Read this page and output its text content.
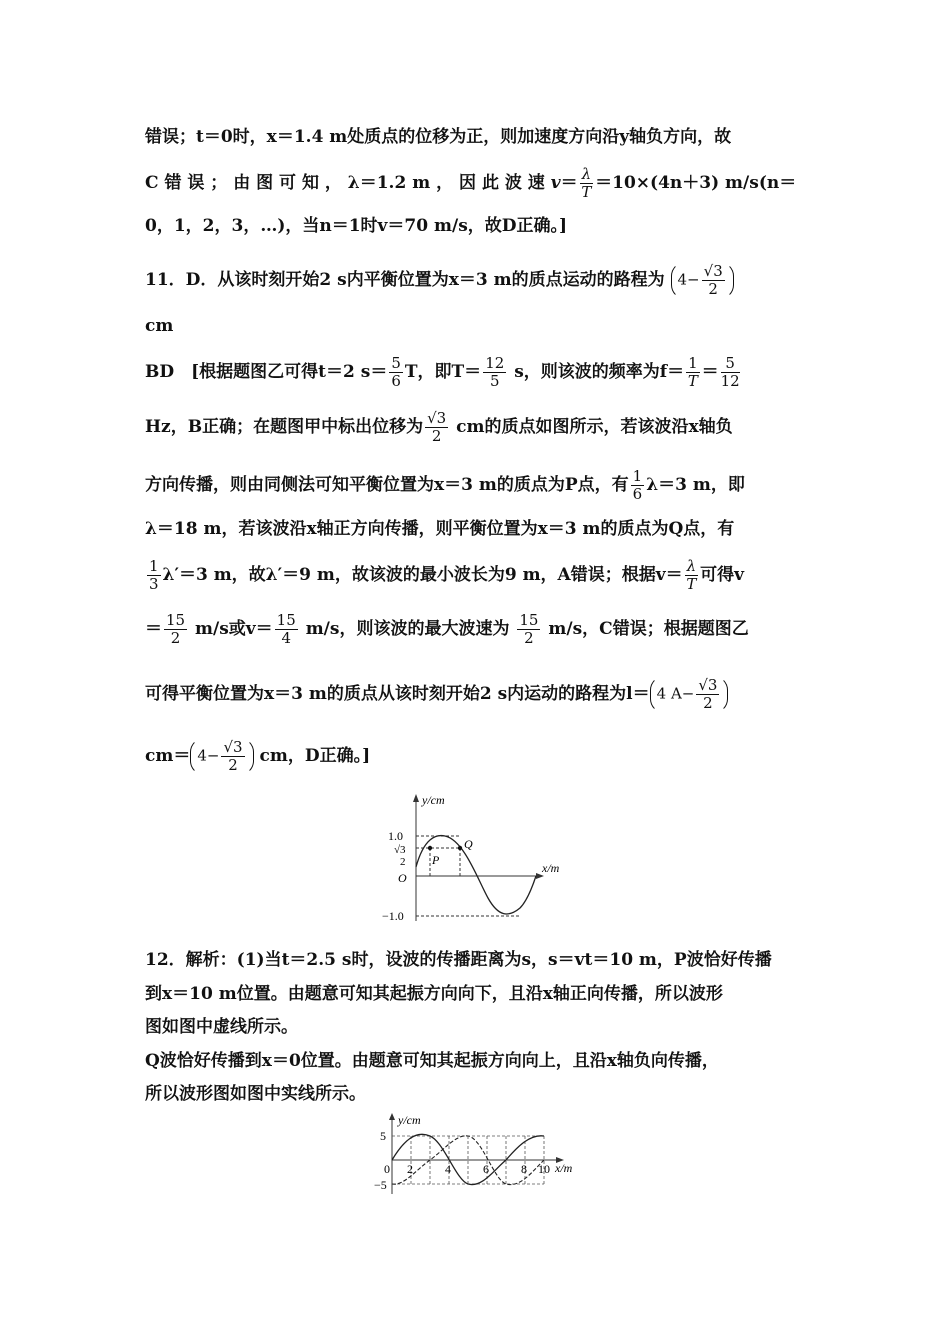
错误；t＝0时，x＝1.4 m处质点的位移为正，则加速度方向沿y轴负方向，故
C 错 误 ； 由 图 可 知 ， λ＝1.2 m ， 因 此 波 速 $v= \frac{\lambda}{T} =10\times(4n+3)$ m/s(n＝
0，1，2，3，…)，当n＝1时v＝70 m/s，故D正确。]
11．D．从该时刻开始2 s内平衡位置为x＝3 m的质点运动的路程为 $4- \frac{√3}{2}$
cm
BD　[根据题图乙可得t＝2 $s= \frac{5}{6}$ T，即$T= \frac{12}{5}$ s，则该波的频率为$f= \frac{1}{T} = \frac{5}{12}$
Hz，B正确；在题图甲中标出位移为 $\frac{√3}{2}$ cm的质点如图所示，若该波沿x轴负
方向传播，则由同侧法可知平衡位置为x＝3 m的质点为P点，有 $\frac{1}{6} \lambda=3$ m，即
λ＝18 m，若该波沿x轴正方向传播，则平衡位置为x＝3 m的质点为Q点，有
$\frac{1}{3} \lambda'=3$ m，故λ′＝9 m，故该波的最小波长为9 m，A错误；根据$v= \frac{\lambda}{T}$ 可得v
＝ $\frac{15}{2} m/s$或$v= \frac{15}{4} m/s$，则该波的最大波速为 $\frac{15}{2} m/s$，C错误；根据题图乙
可得平衡位置为x＝3 m的质点从该时刻开始2 s内运动的路程为l＝ 4 $A- \frac{√3}{2}$
$cm= 4- \frac{√3}{2}$ cm，D正确。]
y/cm
x/m
1.0
√3
2
O
−1.0
P
Q
12．解析：(1)当t＝2.5 s时，设波的传播距离为s，s＝vt＝10 m，P波恰好传播
到x＝10 m位置。由题意可知其起振方向向下，且沿x轴正向传播，所以波形
图如图中虚线所示。
Q波恰好传播到x＝0位置。由题意可知其起振方向向上，且沿x轴负向传播，
所以波形图如图中实线所示。
y/cm
x/m
5
−5
0 2	4	6	8 10
